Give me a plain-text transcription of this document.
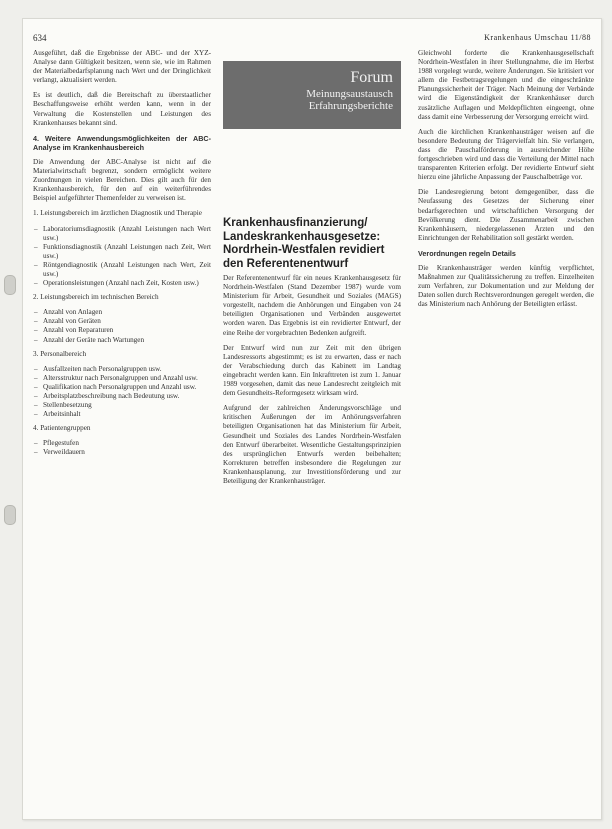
634	Krankenhaus Umschau 11/88

Ausgeführt, daß die Ergebnisse der ABC- und der XYZ-Analyse dann Gültigkeit besitzen, wenn sie, wie im Rahmen der Materialbedarfsplanung nach Wert und der Dringlichkeit verlangt, aktualisiert werden.

Es ist deutlich, daß die Bereitschaft zu überstaatlicher Beschaffungsweise erhöht werden kann, wenn in der Verwaltung die Kostenstellen und Leistungen des Krankenhauses bekannt sind.

4. Weitere Anwendungsmöglichkeiten der ABC-Analyse im Krankenhausbereich

Die Anwendung der ABC-Analyse ist nicht auf die Materialwirtschaft begrenzt, sondern ermöglicht weitere Zuordnungen in vielen Bereichen. Dies gilt auch für den Krankenhausbereich, für den auf ein weiterführendes Beispiel aufgeführter Themenfelder zu verweisen ist.

1. Leistungsbereich im ärztlichen Diagnostik und Therapie

– Laboratoriumsdiagnostik (Anzahl Leistungen nach Wert usw.)
– Funktionsdiagnostik (Anzahl Leistungen nach Zeit, Wert usw.)
– Röntgendiagnostik (Anzahl Leistungen nach Wert, Zeit usw.)
– Operationsleistungen (Anzahl nach Zeit, Kosten usw.)

2. Leistungsbereich im technischen Bereich

– Anzahl von Anlagen
– Anzahl von Geräten
– Anzahl von Reparaturen
– Anzahl der Geräte nach Wartungen

3. Personalbereich

– Ausfallzeiten nach Personalgruppen usw.
– Altersstruktur nach Personalgruppen und Anzahl usw.
– Qualifikation nach Personalgruppen und Anzahl usw.
– Arbeitsplatzbeschreibung nach Bedeutung usw.
– Stellenbesetzung
– Arbeitsinhalt

4. Patientengruppen

– Pflegestufen
– Verweildauern
Forum
Meinungsaustausch
Erfahrungsberichte
Krankenhausfinanzierung/ Landeskrankenhausgesetze: Nordrhein-Westfalen revidiert den Referentenentwurf

Der Referentenentwurf für ein neues Krankenhausgesetz für Nordrhein-Westfalen (Stand Dezember 1987) wurde vom Ministerium für Arbeit, Gesundheit und Soziales (MAGS) vorgestellt, nachdem die Anhörungen und Eingaben von 24 beteiligten Organisationen und Verbänden ausgewertet worden waren. Das Ergebnis ist ein revidierter Entwurf, der eine Reihe der vorgebrachten Bedenken aufgreift.

Der Entwurf wird nun zur Zeit mit den übrigen Landesressorts abgestimmt; es ist zu erwarten, dass er nach der Verabschiedung durch das Kabinett im Landtag eingebracht werden kann. Ein Inkrafttreten ist zum 1. Januar 1989 vorgesehen, damit das neue Landesrecht zeitgleich mit dem Gesundheits-Reformgesetz wirksam wird.

Aufgrund der zahlreichen Änderungsvorschläge und kritischen Äußerungen der im Anhörungsverfahren beteiligten Organisationen hat das Ministerium für Arbeit, Gesundheit und Soziales des Landes Nordrhein-Westfalen den Entwurf überarbeitet. Wesentliche Gestaltungsprinzipien des ursprünglichen Entwurfs werden beibehalten; Korrekturen betreffen insbesondere die Regelungen zur Krankenhausplanung, zur Investitionsförderung und zur Beteiligung der Krankenhausträger.

Gleichwohl forderte die Krankenhausgesellschaft Nordrhein-Westfalen in ihrer Stellungnahme, die im Herbst 1988 vorgelegt wurde, weitere Änderungen. Sie kritisiert vor allem die Festbetragsregelungen und die eingeschränkte Planungssicherheit der Träger. Nach Meinung der Verbände wird die Eigenständigkeit der Krankenhäuser durch zusätzliche Auflagen und Meldepflichten eingeengt, ohne dass damit eine Verbesserung der Versorgung erreicht wird.

Auch die kirchlichen Krankenhausträger weisen auf die besondere Bedeutung der Trägervielfalt hin. Sie verlangen, dass die Pauschalförderung in ausreichender Höhe fortgeschrieben wird und dass die Verteilung der Mittel nach transparenten Kriterien erfolgt. Der revidierte Entwurf sieht hierzu eine jährliche Anpassung der Pauschalbeträge vor.

Die Landesregierung betont demgegenüber, dass die Neufassung des Gesetzes der Sicherung einer bedarfsgerechten und wirtschaftlichen Versorgung der Bevölkerung dient. Die Zusammenarbeit zwischen Krankenhäusern, niedergelassenen Ärzten und den Einrichtungen der Rehabilitation soll gestärkt werden.

Verordnungen regeln Details

Die Krankenhausträger werden künftig verpflichtet, Maßnahmen zur Qualitätssicherung zu treffen. Einzelheiten zum Verfahren, zur Dokumentation und zur Meldung der Daten sollen durch Rechtsverordnungen geregelt werden, die das Ministerium nach Anhörung der Beteiligten erlässt.
